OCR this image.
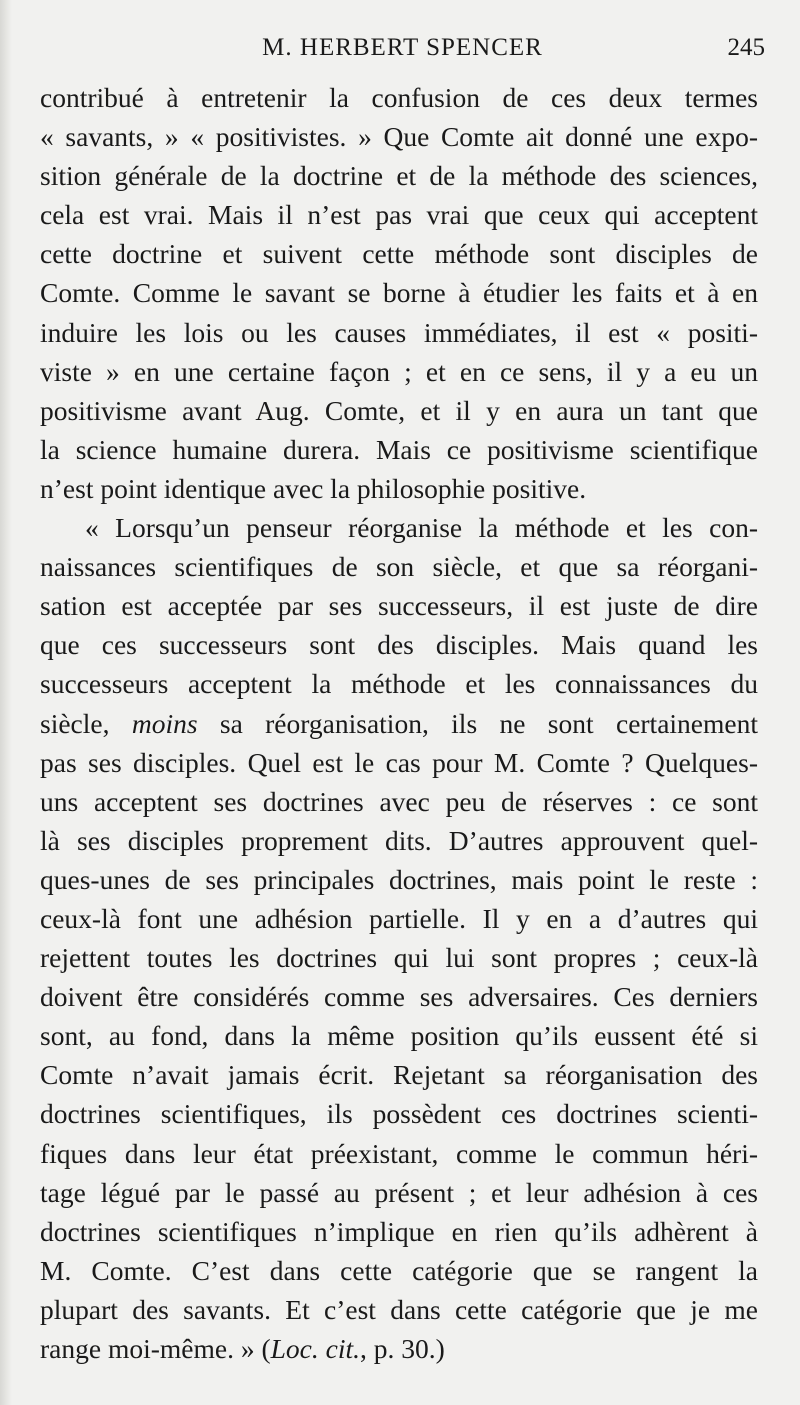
M. HERBERT SPENCER	245
contribué à entretenir la confusion de ces deux termes
« savants, » « positivistes. » Que Comte ait donné une expo-
sition générale de la doctrine et de la méthode des sciences,
cela est vrai. Mais il n’est pas vrai que ceux qui acceptent
cette doctrine et suivent cette méthode sont disciples de
Comte. Comme le savant se borne à étudier les faits et à en
induire les lois ou les causes immédiates, il est « positi-
viste » en une certaine façon ; et en ce sens, il y a eu un
positivisme avant Aug. Comte, et il y en aura un tant que
la science humaine durera. Mais ce positivisme scientifique
n’est point identique avec la philosophie positive.
« Lorsqu’un penseur réorganise la méthode et les con-
naissances scientifiques de son siècle, et que sa réorgani-
sation est acceptée par ses successeurs, il est juste de dire
que ces successeurs sont des disciples. Mais quand les
successeurs acceptent la méthode et les connaissances du
siècle, moins sa réorganisation, ils ne sont certainement
pas ses disciples. Quel est le cas pour M. Comte ? Quelques-
uns acceptent ses doctrines avec peu de réserves : ce sont
là ses disciples proprement dits. D’autres approuvent quel-
ques-unes de ses principales doctrines, mais point le reste :
ceux-là font une adhésion partielle. Il y en a d’autres qui
rejettent toutes les doctrines qui lui sont propres ; ceux-là
doivent être considérés comme ses adversaires. Ces derniers
sont, au fond, dans la même position qu’ils eussent été si
Comte n’avait jamais écrit. Rejetant sa réorganisation des
doctrines scientifiques, ils possèdent ces doctrines scienti-
fiques dans leur état préexistant, comme le commun héri-
tage légué par le passé au présent ; et leur adhésion à ces
doctrines scientifiques n’implique en rien qu’ils adhèrent à
M. Comte. C’est dans cette catégorie que se rangent la
plupart des savants. Et c’est dans cette catégorie que je me
range moi-même. » (Loc. cit., p. 30.)
